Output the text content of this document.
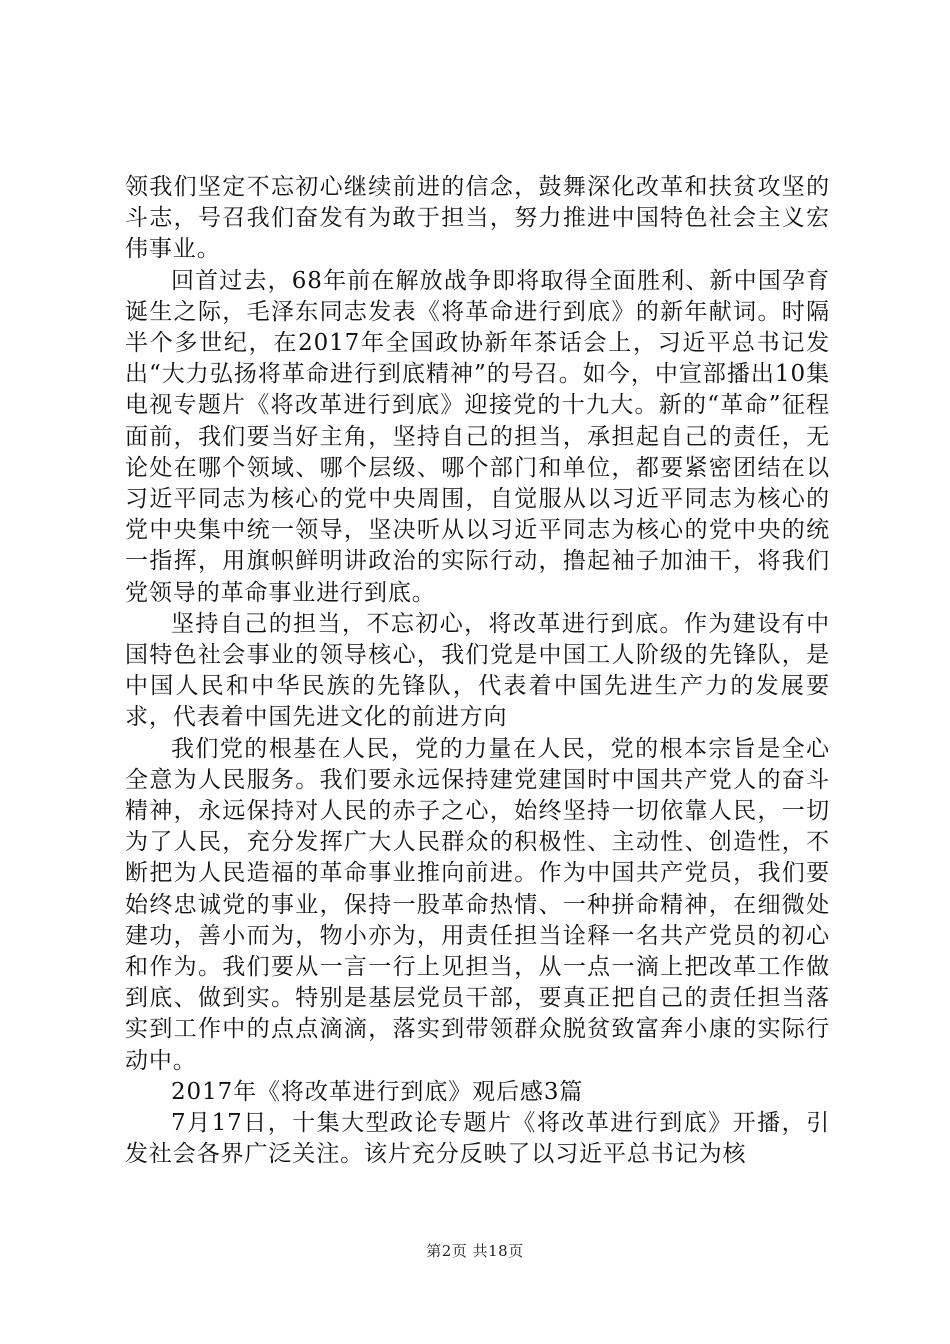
领我们坚定不忘初心继续前进的信念，鼓舞深化改革和扶贫攻坚的斗志，号召我们奋发有为敢于担当，努力推进中国特色社会主义宏伟事业。

回首过去，68年前在解放战争即将取得全面胜利、新中国孕育诞生之际，毛泽东同志发表《将革命进行到底》的新年献词。时隔半个多世纪，在2017年全国政协新年茶话会上，习近平总书记发出“大力弘扬将革命进行到底精神”的号召。如今，中宣部播出10集电视专题片《将改革进行到底》迎接党的十九大。新的“革命”征程面前，我们要当好主角，坚持自己的担当，承担起自己的责任，无论处在哪个领域、哪个层级、哪个部门和单位，都要紧密团结在以习近平同志为核心的党中央周围，自觉服从以习近平同志为核心的党中央集中统一领导，坚决听从以习近平同志为核心的党中央的统一指挥，用旗帜鲜明讲政治的实际行动，撸起袖子加油干，将我们党领导的革命事业进行到底。

坚持自己的担当，不忘初心，将改革进行到底。作为建设有中国特色社会事业的领导核心，我们党是中国工人阶级的先锋队，是中国人民和中华民族的先锋队，代表着中国先进生产力的发展要求，代表着中国先进文化的前进方向

我们党的根基在人民，党的力量在人民，党的根本宗旨是全心全意为人民服务。我们要永远保持建党建国时中国共产党人的奋斗精神，永远保持对人民的赤子之心，始终坚持一切依靠人民，一切为了人民，充分发挥广大人民群众的积极性、主动性、创造性，不断把为人民造福的革命事业推向前进。作为中国共产党员，我们要始终忠诚党的事业，保持一股革命热情、一种拼命精神，在细微处建功，善小而为，物小亦为，用责任担当诠释一名共产党员的初心和作为。我们要从一言一行上见担当，从一点一滴上把改革工作做到底、做到实。特别是基层党员干部，要真正把自己的责任担当落实到工作中的点点滴滴，落实到带领群众脱贫致富奔小康的实际行动中。

2017年《将改革进行到底》观后感3篇

7月17日，十集大型政论专题片《将改革进行到底》开播，引发社会各界广泛关注。该片充分反映了以习近平总书记为核

第2页 共18页
